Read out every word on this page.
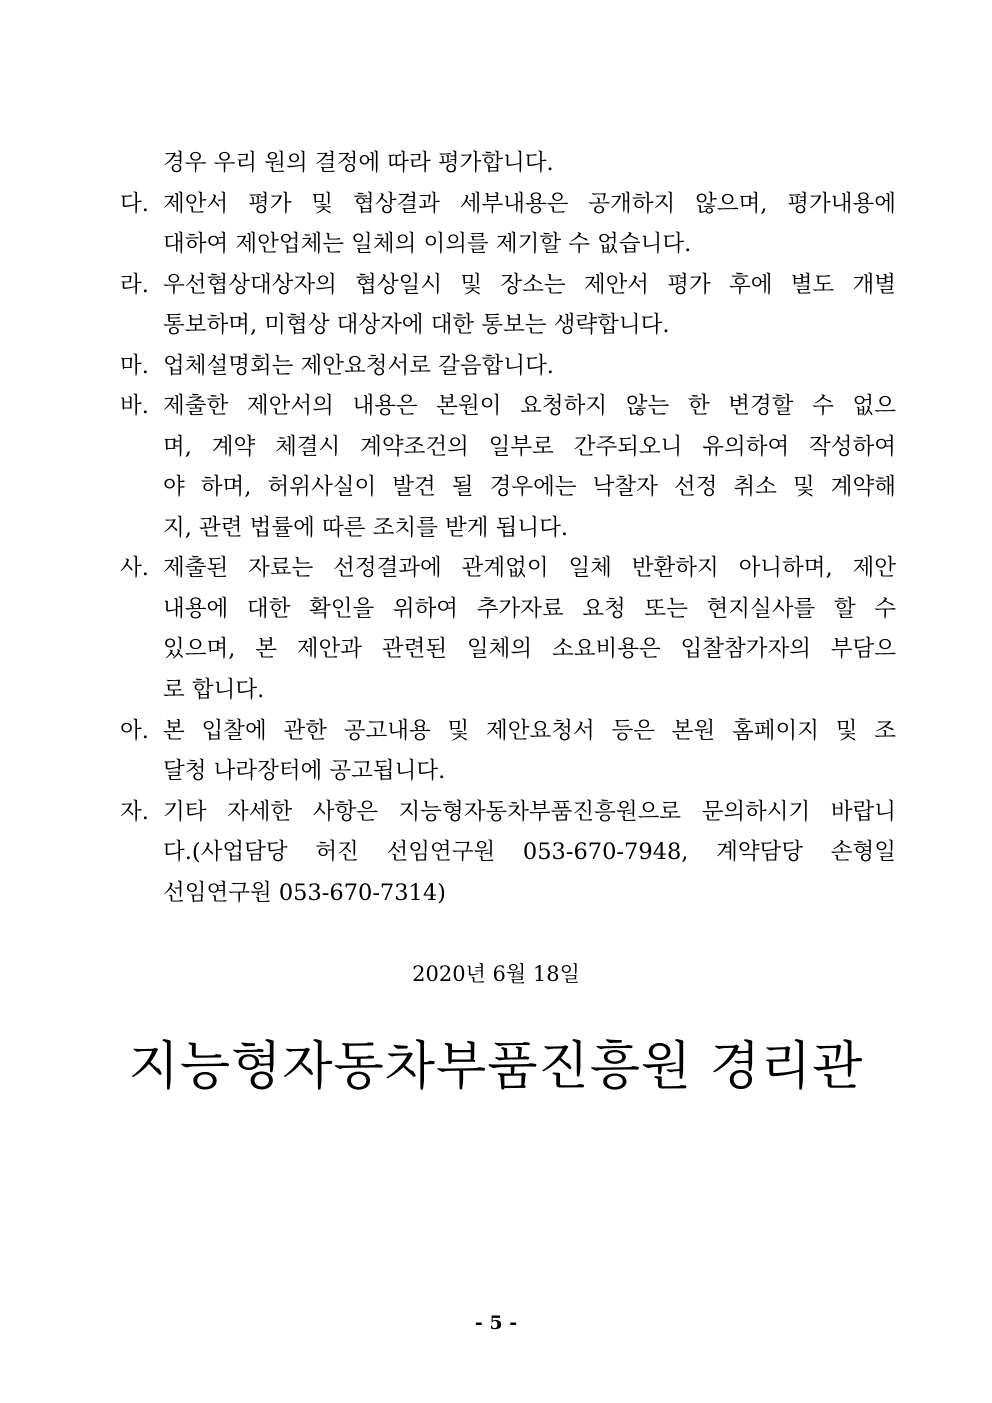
경우 우리 원의 결정에 따라 평가합니다.
다. 제안서 평가 및 협상결과 세부내용은 공개하지 않으며, 평가내용에
대하여 제안업체는 일체의 이의를 제기할 수 없습니다.
라. 우선협상대상자의 협상일시 및 장소는 제안서 평가 후에 별도 개별
통보하며, 미협상 대상자에 대한 통보는 생략합니다.
마. 업체설명회는 제안요청서로 갈음합니다.
바. 제출한 제안서의 내용은 본원이 요청하지 않는 한 변경할 수 없으
며, 계약 체결시 계약조건의 일부로 간주되오니 유의하여 작성하여
야 하며, 허위사실이 발견 될 경우에는 낙찰자 선정 취소 및 계약해
지, 관련 법률에 따른 조치를 받게 됩니다.
사. 제출된 자료는 선정결과에 관계없이 일체 반환하지 아니하며, 제안
내용에 대한 확인을 위하여 추가자료 요청 또는 현지실사를 할 수
있으며, 본 제안과 관련된 일체의 소요비용은 입찰참가자의 부담으
로 합니다.
아. 본 입찰에 관한 공고내용 및 제안요청서 등은 본원 홈페이지 및 조
달청 나라장터에 공고됩니다.
자. 기타 자세한 사항은 지능형자동차부품진흥원으로 문의하시기 바랍니
다.(사업담당 허진 선임연구원 053-670-7948, 계약담당 손형일
선임연구원 053-670-7314)
2020년 6월 18일
지능형자동차부품진흥원 경리관
- 5 -
